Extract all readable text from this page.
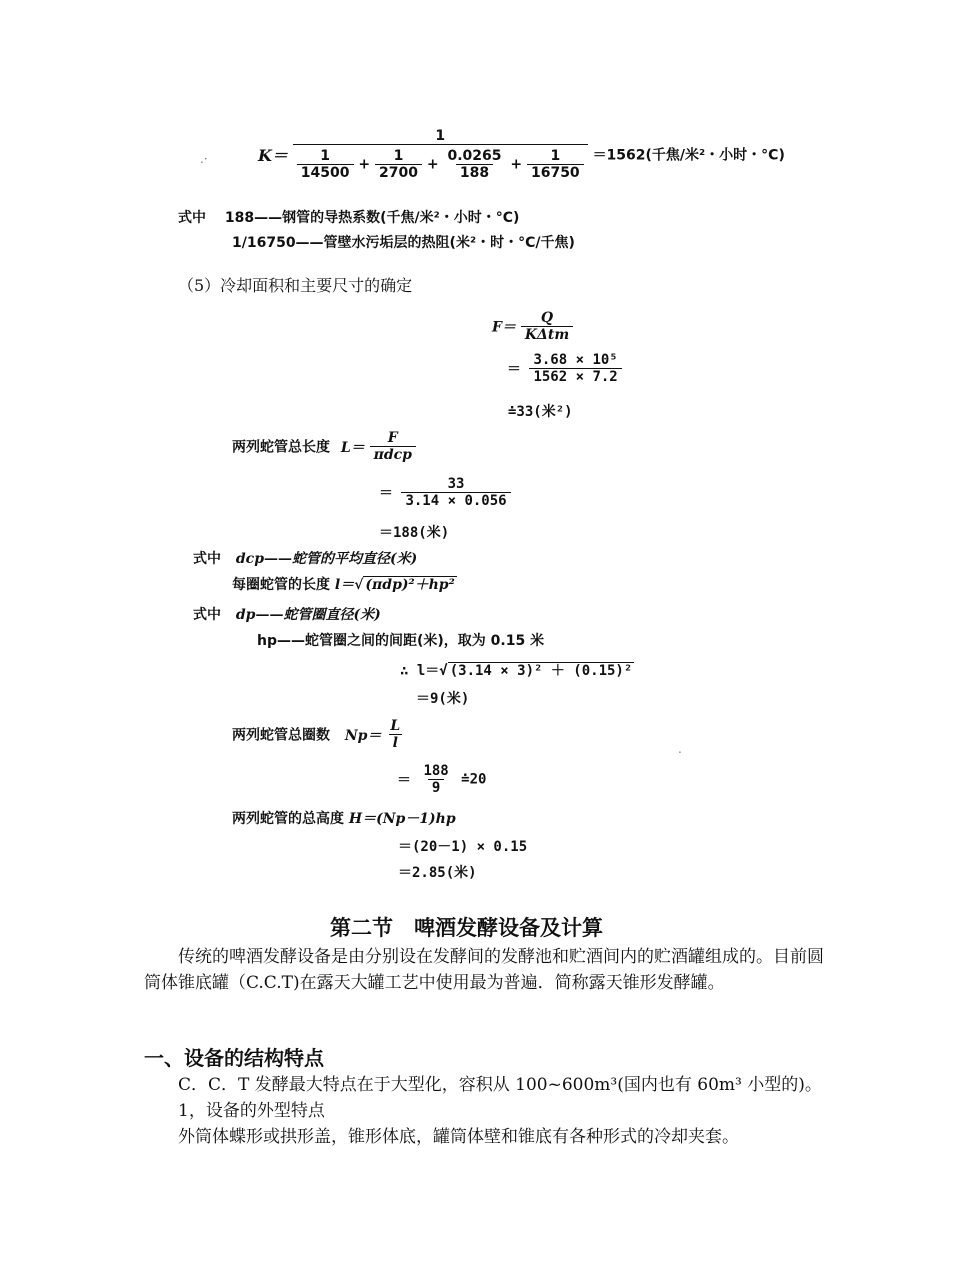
K＝
1
$\frac{1}{14500} + \frac{1}{2700} + \frac{0.0265}{188} + \frac{1}{16750} =1562$(千焦/米²・小时・°C)
.·
式中 188——钢管的导热系数(千焦/米²・小时・°C)
1/16750——管壁水污垢层的热阻(米²・时・°C/千焦)
（5）冷却面积和主要尺寸的确定
$F= \frac{Q}{\text{KΔtm}}$
＝ $\frac{\text{3.68 × 10⁵}}{1562 \times 7.2}$
≐33(米²)
两列蛇管总长度 $L= \frac{F}{\text{πdcp}}$
＝ $\frac{33}{3.14 \times 0.056}$
＝188(米)
式中 dcp——蛇管的平均直径(米)
每圈蛇管的长度 l＝√ (πdp)²＋hp²
式中 dp——蛇管圈直径(米)
hp——蛇管圈之间的间距(米)，取为 0.15 米
∴ l＝√ (3.14 × 3)² ＋ (0.15)²
＝9(米)
两列蛇管总圈数 $Np= \frac{L}{l}$	.
＝ $\frac{188}{9}$ ≐20
两列蛇管的总高度 H＝(Np－1)hp
＝(20－1) × 0.15
＝2.85(米)
第二节　啤酒发酵设备及计算
传统的啤酒发酵设备是由分别设在发酵间的发酵池和贮酒间内的贮酒罐组成的。目前圆筒体锥底罐（C.C.T)在露天大罐工艺中使用最为普遍．简称露天锥形发酵罐。
一、设备的结构特点
C．C．T 发酵最大特点在于大型化，容积从 100~600m³(国内也有 60m³ 小型的)。
1，设备的外型特点
外筒体蝶形或拱形盖，锥形体底，罐筒体壁和锥底有各种形式的冷却夹套。
